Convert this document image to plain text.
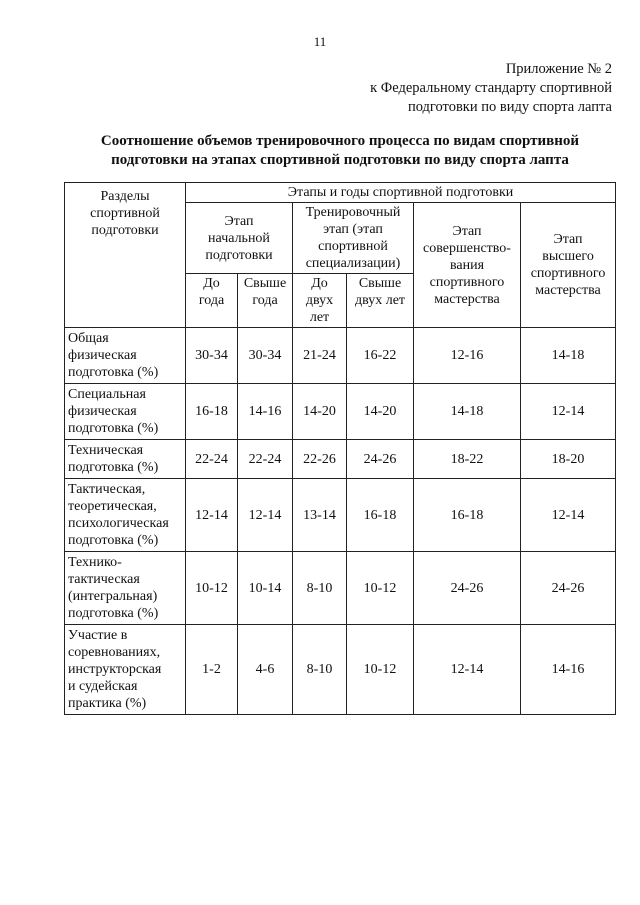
11
Приложение № 2
к Федеральному стандарту спортивной
подготовки по виду спорта лапта
Соотношение объемов тренировочного процесса по видам спортивной
подготовки на этапах спортивной подготовки по виду спорта лапта
Разделы
спортивной
подготовки	Этапы и годы спортивной подготовки					

	Этап
начальной
подготовки		Тренировочный
этап (этап
спортивной
специализации)		Этап
совершенство-
вания
спортивного
мастерства	Этап
высшего
спортивного
мастерства

	До
года	Свыше
года	До
двух
лет	Свыше
двух лет		

Общая
физическая
подготовка (%)	30-34	30-34	21-24	16-22	12-16	14-18

Специальная
физическая
подготовка (%)	16-18	14-16	14-20	14-20	14-18	12-14

Техническая
подготовка (%)	22-24	22-24	22-26	24-26	18-22	18-20

Тактическая,
теоретическая,
психологическая
подготовка (%)	12-14	12-14	13-14	16-18	16-18	12-14

Технико-
тактическая
(интегральная)
подготовка (%)	10-12	10-14	8-10	10-12	24-26	24-26

Участие в
соревнованиях,
инструкторская
и судейская
практика (%)	1-2	4-6	8-10	10-12	12-14	14-16
